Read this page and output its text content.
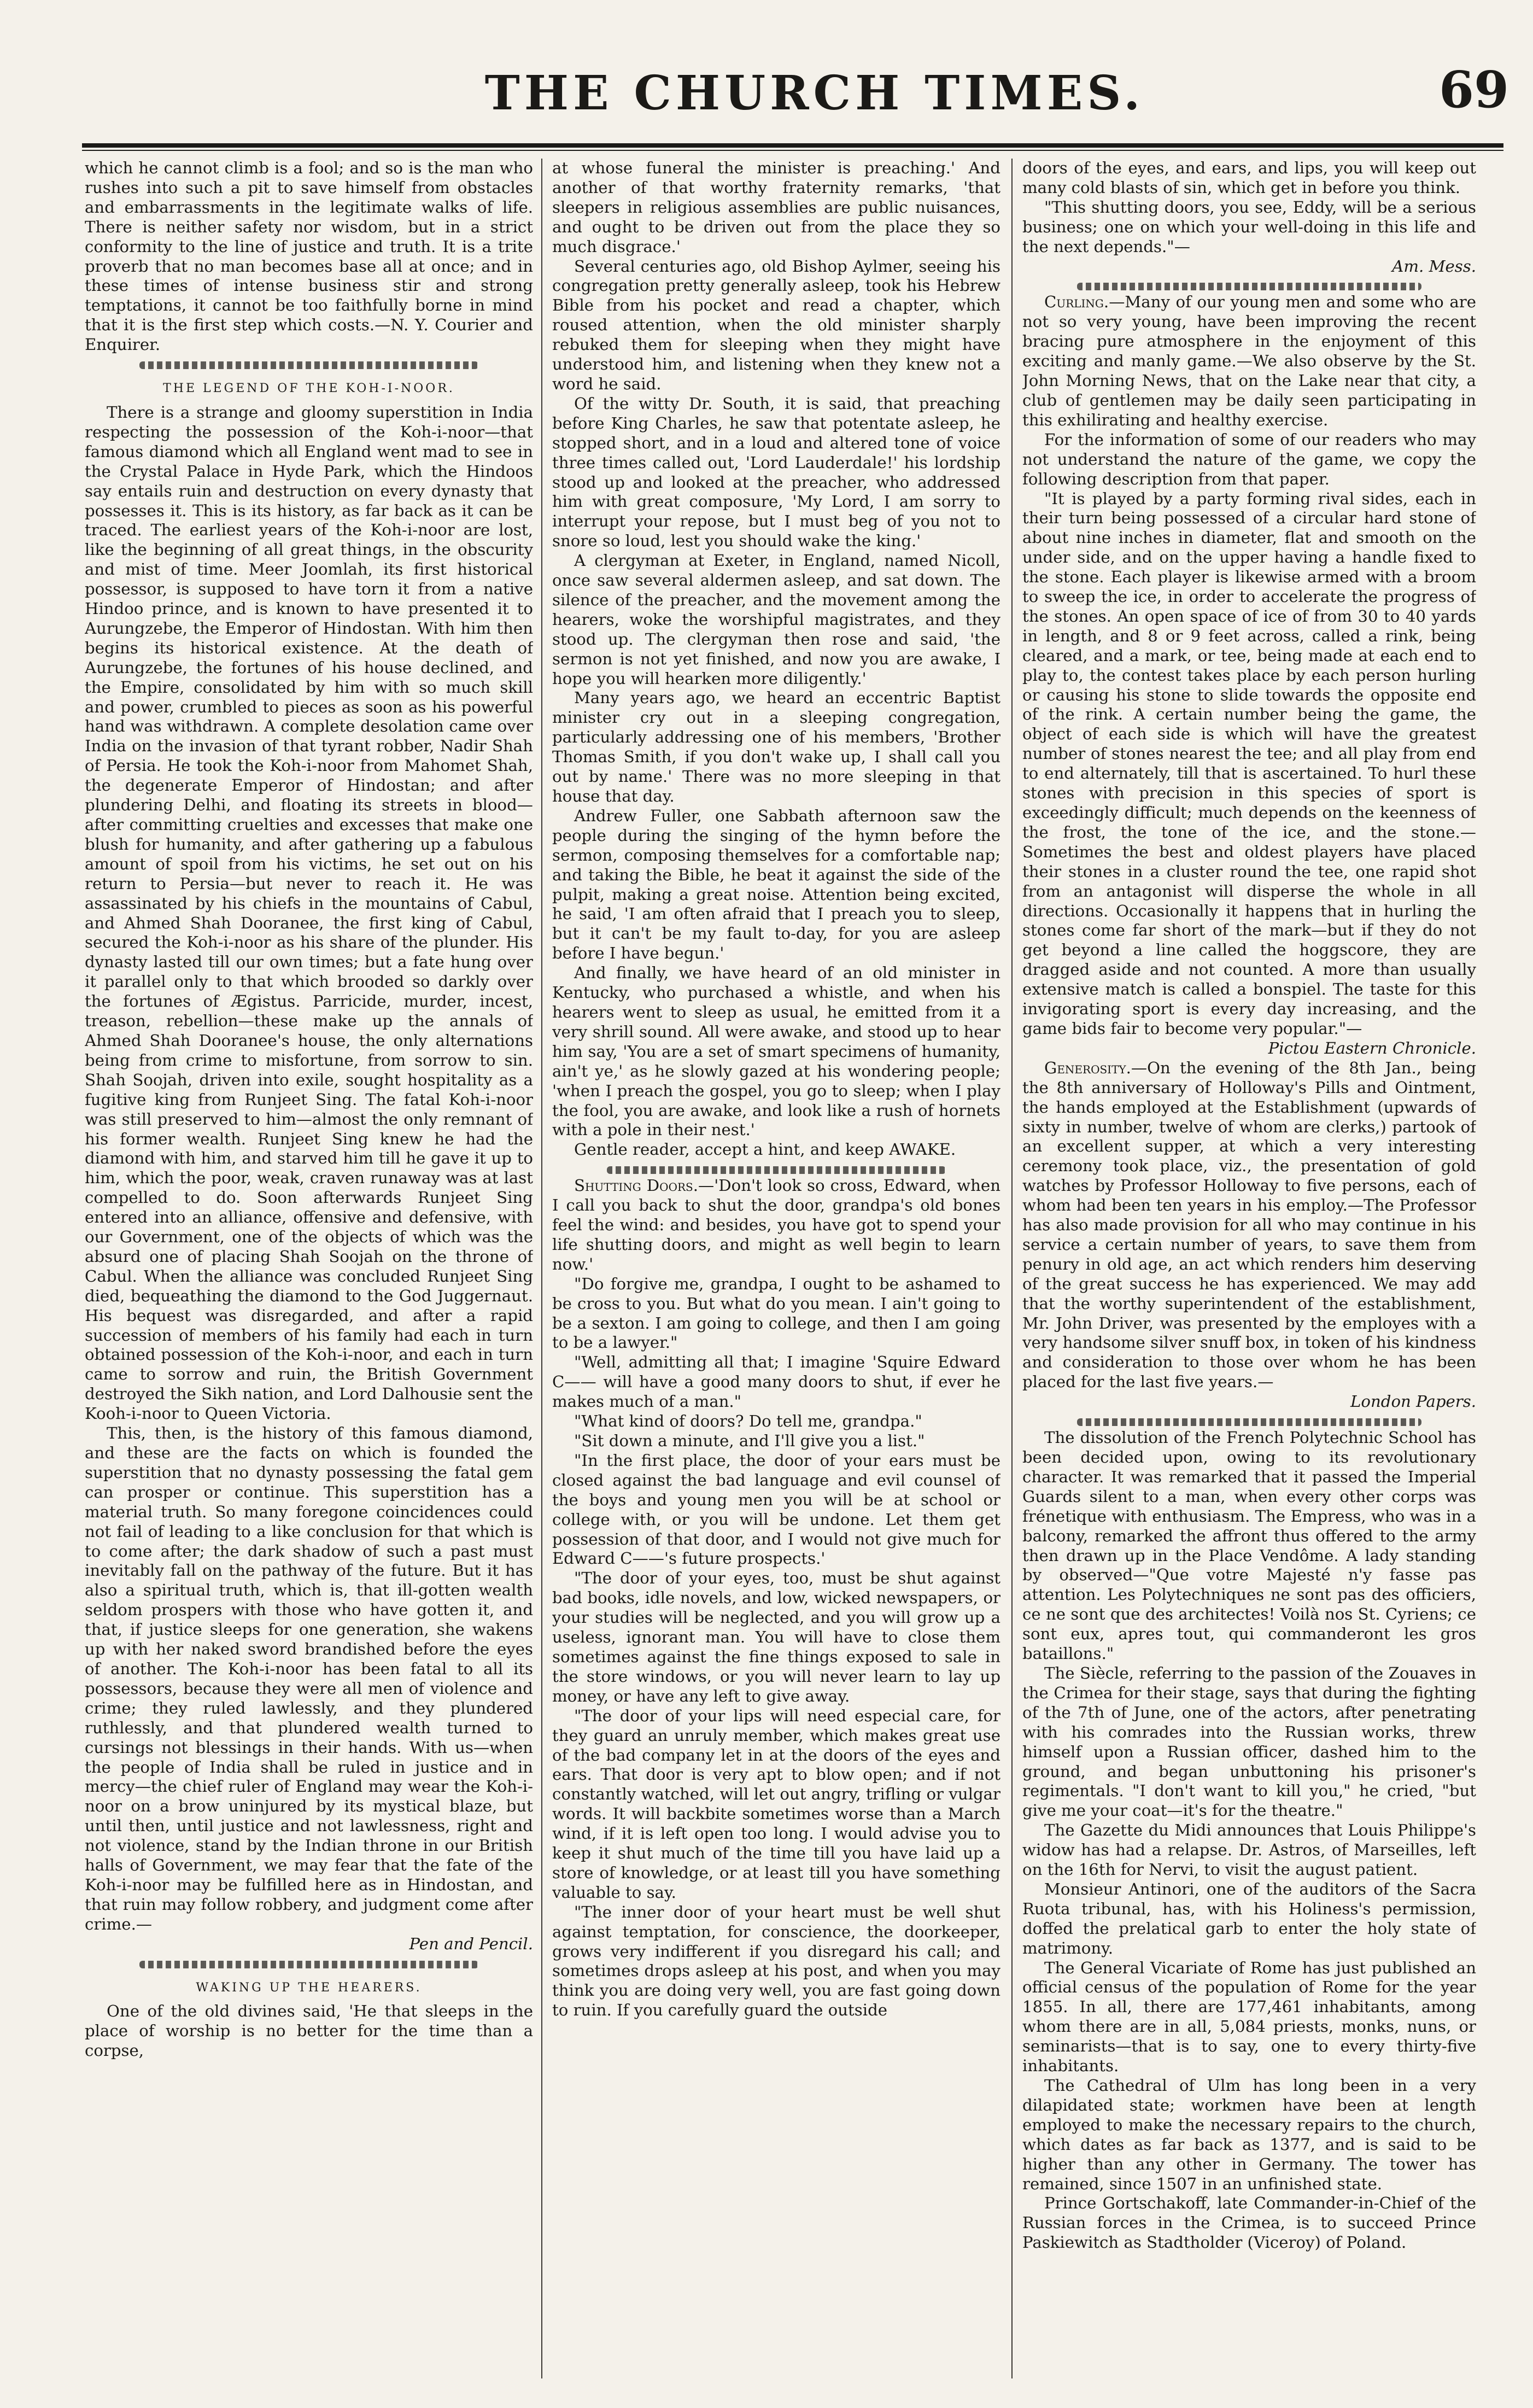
THE CHURCH TIMES.	69

which he cannot climb is a fool; and so is the man who rushes into such a pit to save himself from obstacles and embarrassments in the legitimate walks of life. There is neither safety nor wisdom, but in a strict conformity to the line of justice and truth. It is a trite proverb that no man becomes base all at once; and in these times of intense business stir and strong temptations, it cannot be too faithfully borne in mind that it is the first step which costs.—N. Y. Courier and Enquirer.

THE LEGEND OF THE KOH-I-NOOR.

There is a strange and gloomy superstition in India respecting the possession of the Koh-i-noor—that famous diamond which all England went mad to see in the Crystal Palace in Hyde Park, which the Hindoos say entails ruin and destruction on every dynasty that possesses it. This is its history, as far back as it can be traced. The earliest years of the Koh-i-noor are lost, like the beginning of all great things, in the obscurity and mist of time. Meer Joomlah, its first historical possessor, is supposed to have torn it from a native Hindoo prince, and is known to have presented it to Aurungzebe, the Emperor of Hindostan. With him then begins its historical existence. At the death of Aurungzebe, the fortunes of his house declined, and the Empire, consolidated by him with so much skill and power, crumbled to pieces as soon as his powerful hand was withdrawn. A complete desolation came over India on the invasion of that tyrant robber, Nadir Shah of Persia. He took the Koh-i-noor from Mahomet Shah, the degenerate Emperor of Hindostan; and after plundering Delhi, and floating its streets in blood—after committing cruelties and excesses that make one blush for humanity, and after gathering up a fabulous amount of spoil from his victims, he set out on his return to Persia—but never to reach it. He was assassinated by his chiefs in the mountains of Cabul, and Ahmed Shah Dooranee, the first king of Cabul, secured the Koh-i-noor as his share of the plunder. His dynasty lasted till our own times; but a fate hung over it parallel only to that which brooded so darkly over the fortunes of Ægistus. Parricide, murder, incest, treason, rebellion—these make up the annals of Ahmed Shah Dooranee's house, the only alternations being from crime to misfortune, from sorrow to sin. Shah Soojah, driven into exile, sought hospitality as a fugitive king from Runjeet Sing. The fatal Koh-i-noor was still preserved to him—almost the only remnant of his former wealth. Runjeet Sing knew he had the diamond with him, and starved him till he gave it up to him, which the poor, weak, craven runaway was at last compelled to do. Soon afterwards Runjeet Sing entered into an alliance, offensive and defensive, with our Government, one of the objects of which was the absurd one of placing Shah Soojah on the throne of Cabul. When the alliance was concluded Runjeet Sing died, bequeathing the diamond to the God Juggernaut. His bequest was disregarded, and after a rapid succession of members of his family had each in turn obtained possession of the Koh-i-noor, and each in turn came to sorrow and ruin, the British Government destroyed the Sikh nation, and Lord Dalhousie sent the Kooh-i-noor to Queen Victoria.

This, then, is the history of this famous diamond, and these are the facts on which is founded the superstition that no dynasty possessing the fatal gem can prosper or continue. This superstition has a material truth. So many foregone coincidences could not fail of leading to a like conclusion for that which is to come after; the dark shadow of such a past must inevitably fall on the pathway of the future. But it has also a spiritual truth, which is, that ill-gotten wealth seldom prospers with those who have gotten it, and that, if justice sleeps for one generation, she wakens up with her naked sword brandished before the eyes of another. The Koh-i-noor has been fatal to all its possessors, because they were all men of violence and crime; they ruled lawlessly, and they plundered ruthlessly, and that plundered wealth turned to cursings not blessings in their hands. With us—when the people of India shall be ruled in justice and in mercy—the chief ruler of England may wear the Koh-i-noor on a brow uninjured by its mystical blaze, but until then, until justice and not lawlessness, right and not violence, stand by the Indian throne in our British halls of Government, we may fear that the fate of the Koh-i-noor may be fulfilled here as in Hindostan, and that ruin may follow robbery, and judgment come after crime.—

Pen and Pencil.

WAKING UP THE HEARERS.

One of the old divines said, 'He that sleeps in the place of worship is no better for the time than a corpse,

at whose funeral the minister is preaching.' And another of that worthy fraternity remarks, 'that sleepers in religious assemblies are public nuisances, and ought to be driven out from the place they so much disgrace.'

Several centuries ago, old Bishop Aylmer, seeing his congregation pretty generally asleep, took his Hebrew Bible from his pocket and read a chapter, which roused attention, when the old minister sharply rebuked them for sleeping when they might have understood him, and listening when they knew not a word he said.

Of the witty Dr. South, it is said, that preaching before King Charles, he saw that potentate asleep, he stopped short, and in a loud and altered tone of voice three times called out, 'Lord Lauderdale!' his lordship stood up and looked at the preacher, who addressed him with great composure, 'My Lord, I am sorry to interrupt your repose, but I must beg of you not to snore so loud, lest you should wake the king.'

A clergyman at Exeter, in England, named Nicoll, once saw several aldermen asleep, and sat down. The silence of the preacher, and the movement among the hearers, woke the worshipful magistrates, and they stood up. The clergyman then rose and said, 'the sermon is not yet finished, and now you are awake, I hope you will hearken more diligently.'

Many years ago, we heard an eccentric Baptist minister cry out in a sleeping congregation, particularly addressing one of his members, 'Brother Thomas Smith, if you don't wake up, I shall call you out by name.' There was no more sleeping in that house that day.

Andrew Fuller, one Sabbath afternoon saw the people during the singing of the hymn before the sermon, composing themselves for a comfortable nap; and taking the Bible, he beat it against the side of the pulpit, making a great noise. Attention being excited, he said, 'I am often afraid that I preach you to sleep, but it can't be my fault to-day, for you are asleep before I have begun.'

And finally, we have heard of an old minister in Kentucky, who purchased a whistle, and when his hearers went to sleep as usual, he emitted from it a very shrill sound. All were awake, and stood up to hear him say, 'You are a set of smart specimens of humanity, ain't ye,' as he slowly gazed at his wondering people; 'when I preach the gospel, you go to sleep; when I play the fool, you are awake, and look like a rush of hornets with a pole in their nest.'

Gentle reader, accept a hint, and keep AWAKE.

Shutting Doors.—'Don't look so cross, Edward, when I call you back to shut the door, grandpa's old bones feel the wind: and besides, you have got to spend your life shutting doors, and might as well begin to learn now.'

"Do forgive me, grandpa, I ought to be ashamed to be cross to you. But what do you mean. I ain't going to be a sexton. I am going to college, and then I am going to be a lawyer."

"Well, admitting all that; I imagine 'Squire Edward C—— will have a good many doors to shut, if ever he makes much of a man."

"What kind of doors? Do tell me, grandpa."

"Sit down a minute, and I'll give you a list."

"In the first place, the door of your ears must be closed against the bad language and evil counsel of the boys and young men you will be at school or college with, or you will be undone. Let them get possession of that door, and I would not give much for Edward C——'s future prospects.'

"The door of your eyes, too, must be shut against bad books, idle novels, and low, wicked newspapers, or your studies will be neglected, and you will grow up a useless, ignorant man. You will have to close them sometimes against the fine things exposed to sale in the store windows, or you will never learn to lay up money, or have any left to give away.

"The door of your lips will need especial care, for they guard an unruly member, which makes great use of the bad company let in at the doors of the eyes and ears. That door is very apt to blow open; and if not constantly watched, will let out angry, trifling or vulgar words. It will backbite sometimes worse than a March wind, if it is left open too long. I would advise you to keep it shut much of the time till you have laid up a store of knowledge, or at least till you have something valuable to say.

"The inner door of your heart must be well shut against temptation, for conscience, the doorkeeper, grows very indifferent if you disregard his call; and sometimes drops asleep at his post, and when you may think you are doing very well, you are fast going down to ruin. If you carefully guard the outside

doors of the eyes, and ears, and lips, you will keep out many cold blasts of sin, which get in before you think.

"This shutting doors, you see, Eddy, will be a serious business; one on which your well-doing in this life and the next depends."—

Am. Mess.

Curling.—Many of our young men and some who are not so very young, have been improving the recent bracing pure atmosphere in the enjoyment of this exciting and manly game.—We also observe by the St. John Morning News, that on the Lake near that city, a club of gentlemen may be daily seen participating in this exhilirating and healthy exercise.

For the information of some of our readers who may not understand the nature of the game, we copy the following description from that paper.

"It is played by a party forming rival sides, each in their turn being possessed of a circular hard stone of about nine inches in diameter, flat and smooth on the under side, and on the upper having a handle fixed to the stone. Each player is likewise armed with a broom to sweep the ice, in order to accelerate the progress of the stones. An open space of ice of from 30 to 40 yards in length, and 8 or 9 feet across, called a rink, being cleared, and a mark, or tee, being made at each end to play to, the contest takes place by each person hurling or causing his stone to slide towards the opposite end of the rink. A certain number being the game, the object of each side is which will have the greatest number of stones nearest the tee; and all play from end to end alternately, till that is ascertained. To hurl these stones with precision in this species of sport is exceedingly difficult; much depends on the keenness of the frost, the tone of the ice, and the stone.—Sometimes the best and oldest players have placed their stones in a cluster round the tee, one rapid shot from an antagonist will disperse the whole in all directions. Occasionally it happens that in hurling the stones come far short of the mark—but if they do not get beyond a line called the hoggscore, they are dragged aside and not counted. A more than usually extensive match is called a bonspiel. The taste for this invigorating sport is every day increasing, and the game bids fair to become very popular."—

Pictou Eastern Chronicle.

Generosity.—On the evening of the 8th Jan., being the 8th anniversary of Holloway's Pills and Ointment, the hands employed at the Establishment (upwards of sixty in number, twelve of whom are clerks,) partook of an excellent supper, at which a very interesting ceremony took place, viz., the presentation of gold watches by Professor Holloway to five persons, each of whom had been ten years in his employ.—The Professor has also made provision for all who may continue in his service a certain number of years, to save them from penury in old age, an act which renders him deserving of the great success he has experienced. We may add that the worthy superintendent of the establishment, Mr. John Driver, was presented by the employes with a very handsome silver snuff box, in token of his kindness and consideration to those over whom he has been placed for the last five years.—

London Papers.

The dissolution of the French Polytechnic School has been decided upon, owing to its revolutionary character. It was remarked that it passed the Imperial Guards silent to a man, when every other corps was frénetique with enthusiasm. The Empress, who was in a balcony, remarked the affront thus offered to the army then drawn up in the Place Vendôme. A lady standing by observed—"Que votre Majesté n'y fasse pas attention. Les Polytechniques ne sont pas des officiers, ce ne sont que des architectes! Voilà nos St. Cyriens; ce sont eux, apres tout, qui commanderont les gros bataillons."

The Siècle, referring to the passion of the Zouaves in the Crimea for their stage, says that during the fighting of the 7th of June, one of the actors, after penetrating with his comrades into the Russian works, threw himself upon a Russian officer, dashed him to the ground, and began unbuttoning his prisoner's regimentals. "I don't want to kill you," he cried, "but give me your coat—it's for the theatre."

The Gazette du Midi announces that Louis Philippe's widow has had a relapse. Dr. Astros, of Marseilles, left on the 16th for Nervi, to visit the august patient.

Monsieur Antinori, one of the auditors of the Sacra Ruota tribunal, has, with his Holiness's permission, doffed the prelatical garb to enter the holy state of matrimony.

The General Vicariate of Rome has just published an official census of the population of Rome for the year 1855. In all, there are 177,461 inhabitants, among whom there are in all, 5,084 priests, monks, nuns, or seminarists—that is to say, one to every thirty-five inhabitants.

The Cathedral of Ulm has long been in a very dilapidated state; workmen have been at length employed to make the necessary repairs to the church, which dates as far back as 1377, and is said to be higher than any other in Germany. The tower has remained, since 1507 in an unfinished state.

Prince Gortschakoff, late Commander-in-Chief of the Russian forces in the Crimea, is to succeed Prince Paskiewitch as Stadtholder (Viceroy) of Poland.
